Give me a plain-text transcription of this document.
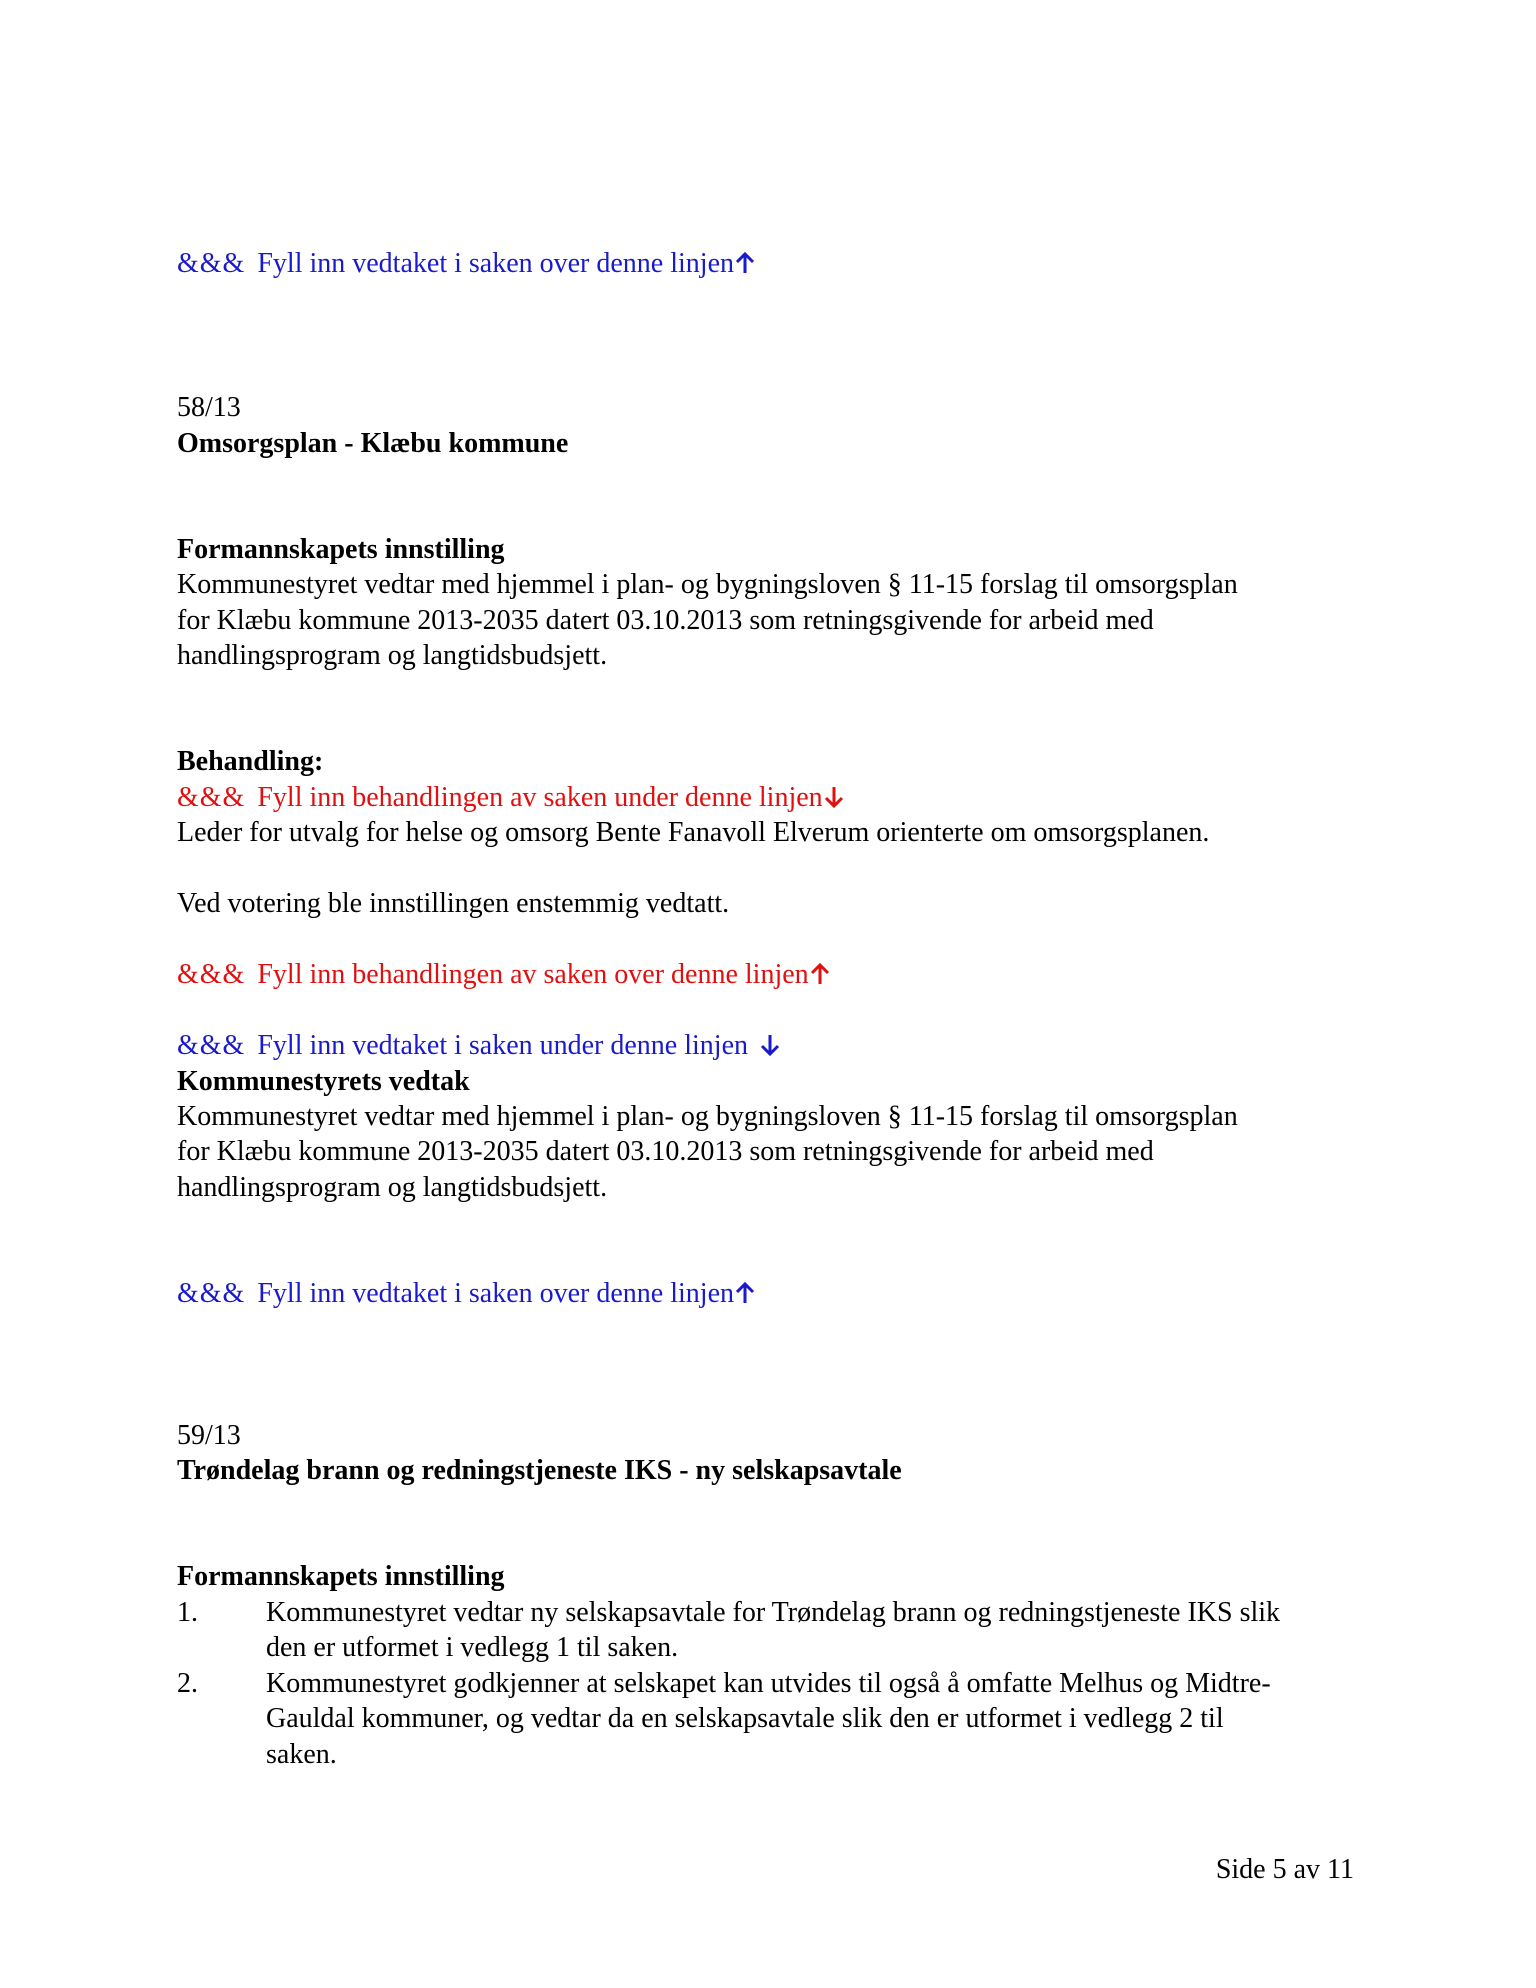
&&& Fyll inn vedtaket i saken over denne linjen
58/13
Omsorgsplan - Klæbu kommune
Formannskapets innstilling
Kommunestyret vedtar med hjemmel i plan- og bygningsloven § 11-15 forslag til omsorgsplan
for Klæbu kommune 2013-2035 datert 03.10.2013 som retningsgivende for arbeid med
handlingsprogram og langtidsbudsjett.
Behandling:
&&& Fyll inn behandlingen av saken under denne linjen
Leder for utvalg for helse og omsorg Bente Fanavoll Elverum orienterte om omsorgsplanen.
Ved votering ble innstillingen enstemmig vedtatt.
&&& Fyll inn behandlingen av saken over denne linjen
&&& Fyll inn vedtaket i saken under denne linjen
Kommunestyrets vedtak
Kommunestyret vedtar med hjemmel i plan- og bygningsloven § 11-15 forslag til omsorgsplan
for Klæbu kommune 2013-2035 datert 03.10.2013 som retningsgivende for arbeid med
handlingsprogram og langtidsbudsjett.
&&& Fyll inn vedtaket i saken over denne linjen
59/13
Trøndelag brann og redningstjeneste IKS - ny selskapsavtale
Formannskapets innstilling
1. Kommunestyret vedtar ny selskapsavtale for Trøndelag brann og redningstjeneste IKS slik
den er utformet i vedlegg 1 til saken.
2. Kommunestyret godkjenner at selskapet kan utvides til også å omfatte Melhus og Midtre-
Gauldal kommuner, og vedtar da en selskapsavtale slik den er utformet i vedlegg 2 til
saken.
Side 5 av 11
